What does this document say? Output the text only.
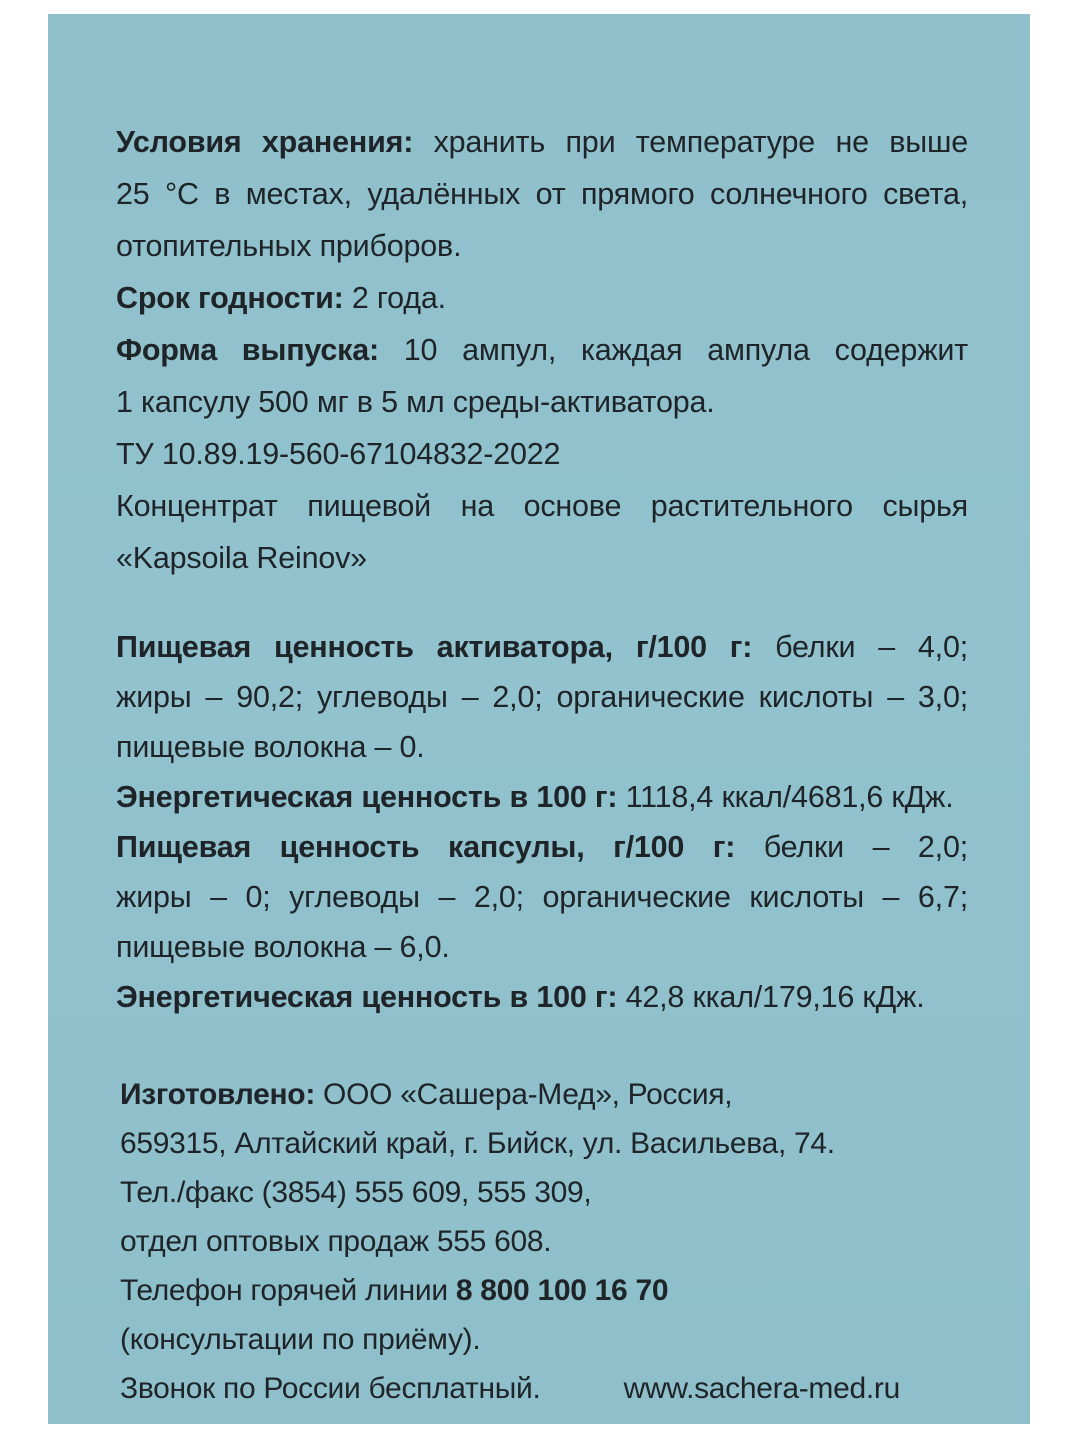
Условия хранения: хранить при температуре не выше

25 °C в местах, удалённых от прямого солнечного света,

отопительных приборов.

Срок годности: 2 года.

Форма выпуска: 10 ампул, каждая ампула содержит

1 капсулу 500 мг в 5 мл среды-активатора.

ТУ 10.89.19-560-67104832-2022

Концентрат пищевой на основе растительного сырья

«Kapsoila Reinov»

Пищевая ценность активатора, г/100 г: белки – 4,0;

жиры – 90,2; углеводы – 2,0; органические кислоты – 3,0;

пищевые волокна – 0.

Энергетическая ценность в 100 г: 1118,4 ккал/4681,6 кДж.

Пищевая ценность капсулы, г/100 г: белки – 2,0;

жиры – 0; углеводы – 2,0; органические кислоты – 6,7;

пищевые волокна – 6,0.

Энергетическая ценность в 100 г: 42,8 ккал/179,16 кДж.

Изготовлено: ООО «Сашера-Мед», Россия,

659315, Алтайский край, г. Бийск, ул. Васильева, 74.

Тел./факс (3854) 555 609, 555 309,

отдел оптовых продаж 555 608.

Телефон горячей линии 8 800 100 16 70

(консультации по приёму).

Звонок по России бесплатный.	www.sachera-med.ru
